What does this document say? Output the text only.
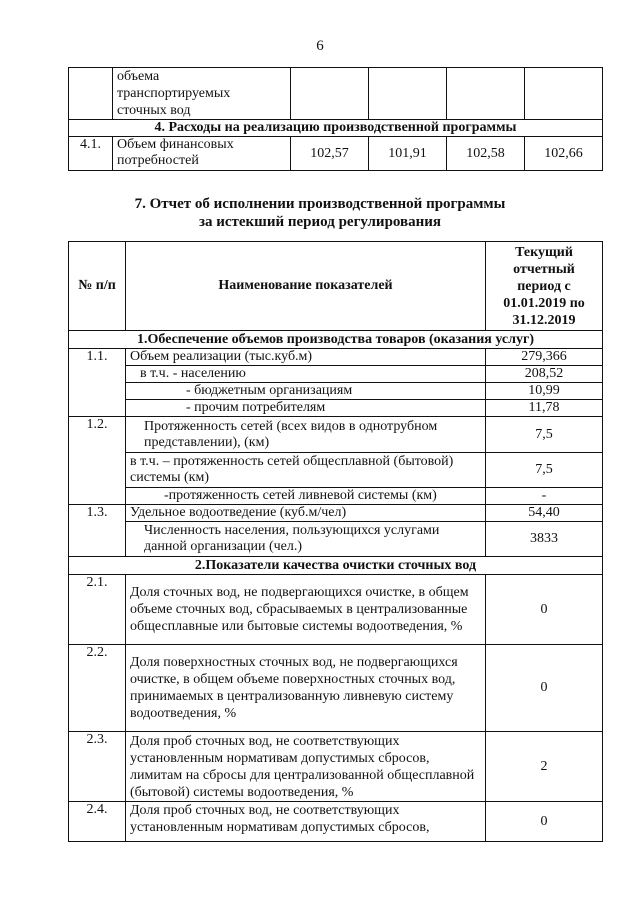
6

	объема
транспортируемых
сточных вод				

4. Расходы на реализацию производственной программы					
4.1.	Объем финансовых потребностей	102,57	101,91	102,58	102,66
7. Отчет об исполнении производственной программы
за истекший период регулирования
№ п/п	Наименование показателей	Текущий отчетный период с 01.01.2019 по 31.12.2019
1.Обеспечение объемов производства товаров (оказания услуг)		
1.1.	Объем реализации (тыс.куб.м)	279,366
	в т.ч. - населению	208,52
	- бюджетным организациям	10,99
	- прочим потребителям	11,78
1.2.	Протяженность сетей (всех видов в однотрубном представлении), (км)	7,5
	в т.ч. – протяженность сетей общесплавной (бытовой) системы (км)	7,5
	-протяженность сетей ливневой системы (км)	-
1.3.	Удельное водоотведение (куб.м/чел)	54,40
	Численность населения, пользующихся услугами данной организации (чел.)	3833
2.Показатели качества очистки сточных вод		
2.1.	Доля сточных вод, не подвергающихся очистке, в общем объеме сточных вод, сбрасываемых в централизованные общесплавные или бытовые системы водоотведения, %	0
2.2.	Доля поверхностных сточных вод, не подвергающихся очистке, в общем объеме поверхностных сточных вод, принимаемых в централизованную ливневую систему водоотведения, %	0
2.3.	Доля проб сточных вод, не соответствующих установленным нормативам допустимых сбросов, лимитам на сбросы для централизованной общесплавной (бытовой) системы водоотведения, %	2
2.4.	Доля проб сточных вод, не соответствующих установленным нормативам допустимых сбросов,	0
